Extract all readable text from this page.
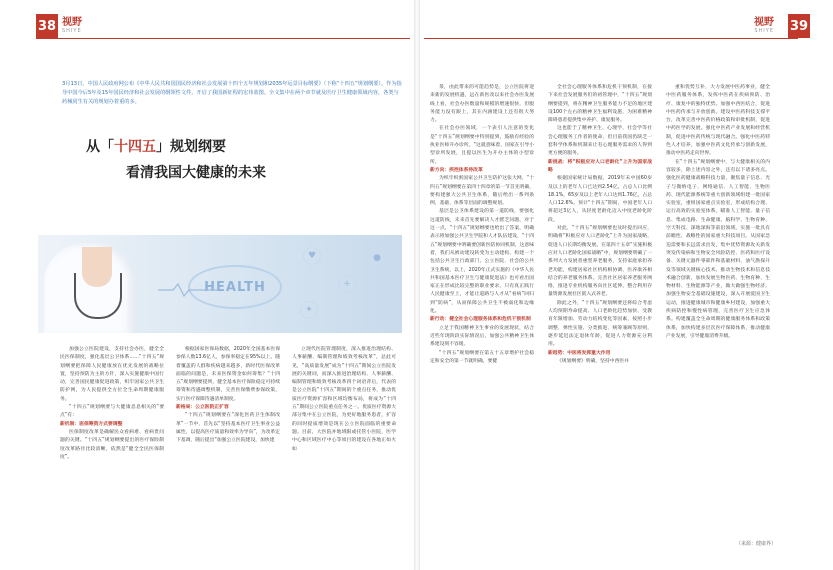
38 视野
SHIYE	39
视野
SHIYE
3月13日，中国人民政府网公布《中华人民共和国国民经济和社会发展第十四个五年规划和2035年远景目标纲要》（下称“十四五”规划纲要）。作为指导中国今后5年及15年国民经济和社会发展的纲领性文件，开启了我国新征程的宏伟蓝图。全文集中在两个章节就及医疗卫生健康领域内容，各类与药械同生有关的规划办着重的多。
从「十四五」规划纲要
看清我国大健康的未来
HEALTH
♥
+
✦
●

加强公立医院建设，支持社会办医，健全全民医保制度，强化基层公卫体系……“十四五”规划纲要把保障人民健康放在优先发展的战略位置，坚持预防为主的方针，深入实施健康中国行动，完善国民健康促进政策，织牢国家公共卫生防护网，为人民提供全方位全生命周期健康服务。

“十四五”规划纲要与大健康息息相关的“要点”有：

新机制：医保筹资方式要调整

医保制度改革是确解民众看病难、看病贵问题的关键。“十四五”规划纲要提出的医疗保险制度改革路径比较清晰，依然是“健全全民医保制度”。

根据国家医保局数据，2020年全国基本医保参保人数13.6亿人，参保率稳定在95%以上。随着覆盖的人群和疾病越来越多，新时代医保改革面临的问题是，未来医保资金如何筹集？“十四五”规划纲要提到，健全基本医疗保险稳定可持续筹资和待遇调整机制，完善医保缴费参保政策，实行医疗保障待遇清单制度。

新格局：公立医院正扩容

“十四五”规划纲要在“深化医药卫生体制改革”一节中，首先以“坚持基本医疗卫生事业公益属性，以提高医疗质量和效率为导向”，为改革定下基调，随后提出“加强公立医院建设，加快建

立现代医院管理制度，深入推进治理结构、人事薪酬、编制管理和绩效考核改革”，总此可见，“高质量发展”成为“十四五”期间公立医院发展的关键词，而深入推进治理结构、人事薪酬、编制管理和绩效考核改革四个词语背后，代表的是公立医院“十四五”期间的个重点任务，推动优质医疗资源扩容和区域均衡布局，将成为“十四五”期间公立医院重点任务之一。优质医疗资源大部分集中在公立医院，为更好地服务患者，扩容的同时提质增效是现在公立医院面临的重要命题。目前，大医院并地域限或托管小医院，医学中心和区域医疗中心等项目的建设在各地正如火如

茶，由此带来的可能趋势是，公立医院将迎来新的发展机遇，远在新医改以来社会办医发展线上看，社会办医数量和规模的增速很快，但服务能力没有跟上，其在内涵建设上还有很大努力。

在社会办医领域，一个表引人注意的变化是“十四五”规划纲要中特别提到，鼓励有经验的执业医师开办诊所。“这就意味着，国家在引导小型诊所发展，且提以医生为开办主体的小型诊所。

新方向：疾控体系待改革

为织牢织密国家公共卫生防护这张大网，“十四五”规划纲要在第四十四章的第一节首先明确，要构建强大公共卫生体系，随后给出一系列条例，基础、体系等层面的调整规划。

基层是公卫体系建设的第一道防线，要强化这道防线，未来首先要解决人才匮乏问题，对于这一点，“十四五”规划纲要也给出了答案，明确表示将加强公共卫生学院和人才队伍建设，“十四五”规划纲要中明确要创新医防协同机制，这意味着，我们从被动建设转变为主动建构，构建一个包括公共卫生行政部门、公立医院、社会的公共卫生系统，以上，2020年正式实施的《中华人民共和国基本医疗卫生与健康促进法》也可看出国家正在形成比较完整的职业要求，只有真正践行人民健康至上，才能让道路与人才从“看病”回归到“防病”，从而保障公共卫生不被弱化和边缘化。

新行动：健全社会心理服务体系和危机干预机制

立足于我国精神卫生事业的发展现状，结合近些年现阶段实际情况后，加强公共精神卫生体系建设刻不容缓。

“十四五”规划纲要在第五十五章增护社会稳定和安全的第一节就明确，要健

全社会心理服务体系和危机干预机制，在接下来社会发展服务们的初管理中，“十四五”规划纲要提到，将在精神卫生服务能力不足的地区建设100个左右的精神卫生福利设施，为困难精神障碍患者提供集中养护、康复服务。

这也能于了精神卫生、心理学、社会学等社会心理服务工作者的使命，但目前我国仍缺乏一套科学体系和机制来让有心理服务需求的人得到更方便的服务。

新挑战：将“积极应对人口老龄化”上升为国家战略

根据国家统计局数据，2019年末中国60岁及以上的老年人口已达到2.54亿，占总人口比例18.1%，65岁及以上老年人口达到1.76亿，占总人口12.6%。预计“十四五”期间，中国老年人口将超过3亿人，从轻度老龄化迈入中度老龄化阶段。

对此，“十四五”规划纲要也及时提出回应，明确将“积极应对人口老龄化”上升为国家战略，促进人口长期均衡发展。在第四十五章“实施积极应对人口老龄化国家战略”中，规划纲要明确了一系列大力发展普惠型养老服务，支持家庭承担养老功能，构建居家社区机构相协调、医养康养相结合的养老服务体系。完善社区居家养老服务网络，推进专业机构服务向社区延伸，整合利用存量资源发展社区嵌入式养老。

除此之外，“十四五”规划纲要还将综合考虑人均预期寿命提高、人口老龄化趋势加快、受教育年限增加、劳动力结构变化等因素，按照小步调整、弹性实施、分类推进、统筹兼顾等原则，逐步延迟法定退休年龄，促进人力资源充分利用。

新趋势：中医将发挥重大作用

《规划纲要》明确，坚持中西医并

重和优势互补，大力发展中医药事业，健全中医药服务体系，发挥中医药在疾病预防、治疗、康复中的独特优势。加强中西医结合，促进中医药传承与开放创新。建设中医药科技支撑平台，改革完善中医药价格政策和审批机制，促进中药医学的发展。强化中医药产业发展和经营机制，促进中医药传统与现代融合。强化中医药特色人才培养，加强中医药文化传承与创新发展，推动中医药走向世界。

在“十四五”规划纲要中，与大健康相关的内容较多，除上述内容之外，还有以下诸多亮点。强化医药健康战略科技力量，聚焦量子信息、光子与微纳电子、网络通信、人工智能、生物医药、现代能源系统等重大创新领域组建一批国家实验室，重组国家重点实验室，形成结构合理、运行高效的实验室体系。瞄准人工智能、量子信息、集成电路、生命健康、脑科学、生物育种、空天科技、深地深海等前沿领域，实施一批具有前瞻性、战略性的国家重大科技项目。从国家急迫需要和长远需求出发，集中优势资源攻关新发突发传染病和生物安全风险防控、医药和医疗设备、关键元器件零部件和基础材料、油气勘探开发等领域关键核心技术。推动生物技术和信息技术融合创新，加快发展生物医药、生物育种、生物材料、生物能源等产业，做大做强生物经济。加强生物安全基础设施建设，深入开展爱国卫生运动，推进健康城市和健康乡村建设，加强重大疾病防控和慢性病管理，完善医疗卫生应急体系。构建覆盖全生命周期的健康服务体系和政策体系，加快构建多层次医疗保障体系，推动健康产业发展，引导健康消费升级。

（来源：健康界）
